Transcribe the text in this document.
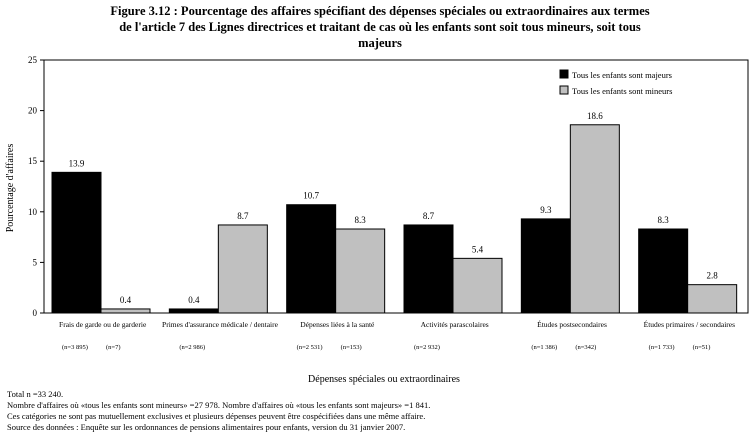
Figure 3.12 : Pourcentage des affaires spécifiant des dépenses spéciales ou extraordinaires aux termes
de l'article 7 des Lignes directrices et traitant de cas où les enfants sont soit tous mineurs, soit tous
majeurs
0
5
10
15
20
25
13.9
0.4
Frais de garde ou de garderie
(n=3 895)	(n=7)
0.4
8.7
Primes d'assurance médicale / dentaire
(n=2 986)
10.7
8.3
Dépenses liées à la santé
(n=2 531)	(n=153)
8.7
5.4
Activités parascolaires
(n=2 932)
9.3
18.6
Études postsecondaires
(n=1 386)	(n=342)
8.3
2.8
Études primaires / secondaires
(n=1 733)	(n=51)
Tous les enfants sont majeurs
Tous les enfants sont mineurs
Pourcentage d'affaires
Dépenses spéciales ou extraordinaires
Total n =33 240.
Nombre d'affaires où «tous les enfants sont mineurs» =27 978. Nombre d'affaires où «tous les enfants sont majeurs» =1 841.
Ces catégories ne sont pas mutuellement exclusives et plusieurs dépenses peuvent être cospécifiées dans une même affaire.
Source des données : Enquête sur les ordonnances de pensions alimentaires pour enfants, version du 31 janvier 2007.
